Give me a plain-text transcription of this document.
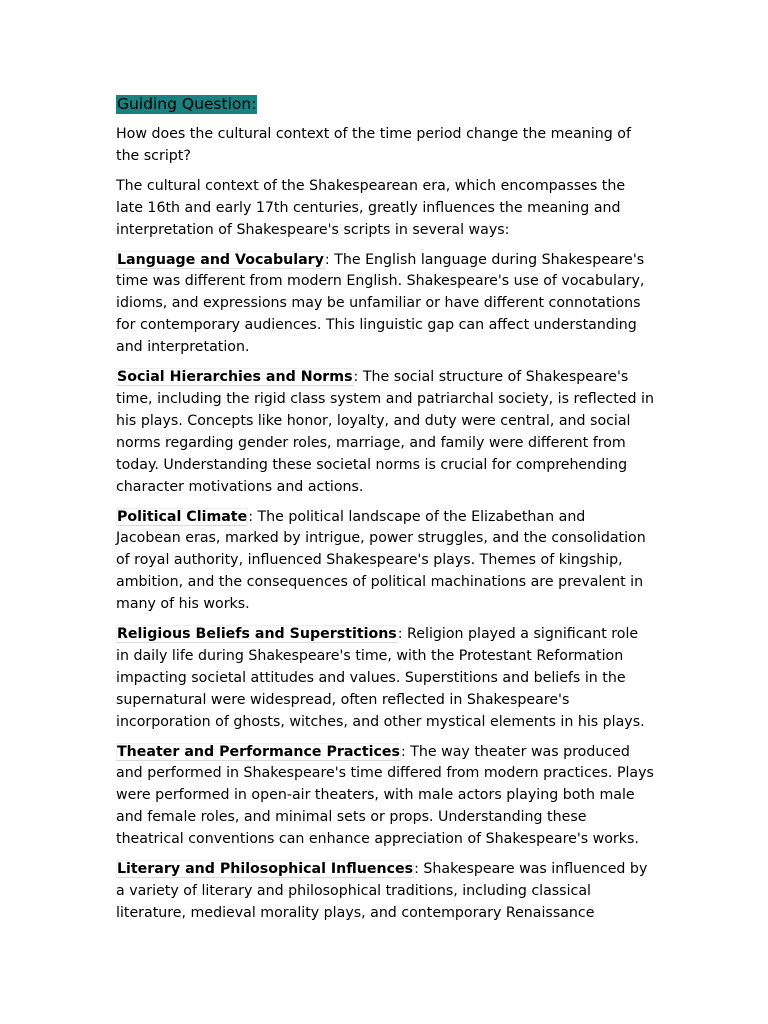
Guiding Question:

How does the cultural context of the time period change the meaning of the script?

The cultural context of the Shakespearean era, which encompasses the late 16th and early 17th centuries, greatly influences the meaning and interpretation of Shakespeare's scripts in several ways:

Language and Vocabulary: The English language during Shakespeare's time was different from modern English. Shakespeare's use of vocabulary, idioms, and expressions may be unfamiliar or have different connotations for contemporary audiences. This linguistic gap can affect understanding and interpretation.

Social Hierarchies and Norms: The social structure of Shakespeare's time, including the rigid class system and patriarchal society, is reflected in his plays. Concepts like honor, loyalty, and duty were central, and social norms regarding gender roles, marriage, and family were different from today. Understanding these societal norms is crucial for comprehending character motivations and actions.

Political Climate: The political landscape of the Elizabethan and Jacobean eras, marked by intrigue, power struggles, and the consolidation of royal authority, influenced Shakespeare's plays. Themes of kingship, ambition, and the consequences of political machinations are prevalent in many of his works.

Religious Beliefs and Superstitions: Religion played a significant role in daily life during Shakespeare's time, with the Protestant Reformation impacting societal attitudes and values. Superstitions and beliefs in the supernatural were widespread, often reflected in Shakespeare's incorporation of ghosts, witches, and other mystical elements in his plays.

Theater and Performance Practices: The way theater was produced and performed in Shakespeare's time differed from modern practices. Plays were performed in open-air theaters, with male actors playing both male and female roles, and minimal sets or props. Understanding these theatrical conventions can enhance appreciation of Shakespeare's works.

Literary and Philosophical Influences: Shakespeare was influenced by a variety of literary and philosophical traditions, including classical literature, medieval morality plays, and contemporary Renaissance
